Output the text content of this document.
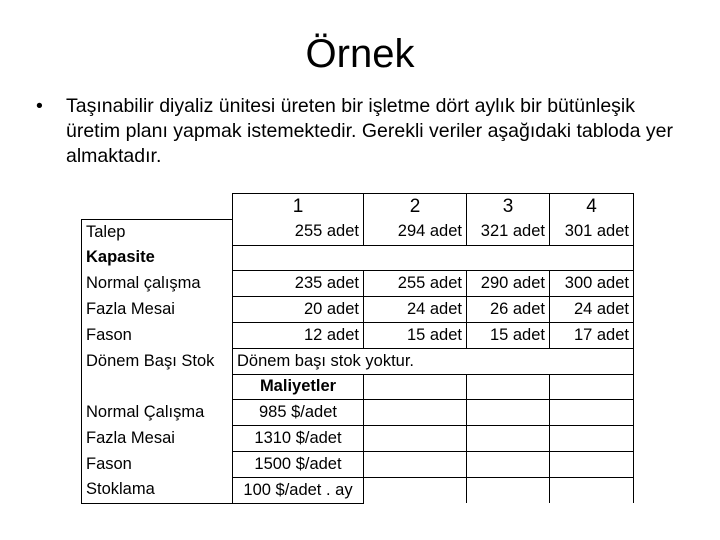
Örnek
•	Taşınabilir diyaliz ünitesi üreten bir işletme dört aylık bir bütünleşik üretim planı yapmak istemektedir. Gerekli veriler aşağıdaki tabloda yer almaktadır.
	1	2	3	4
Talep	255 adet	294 adet	321 adet	301 adet
Kapasite				
Normal çalışma	235 adet	255 adet	290 adet	300 adet
Fazla Mesai	20 adet	24 adet	26 adet	24 adet
Fason	12 adet	15 adet	15 adet	17 adet
Dönem Başı Stok	Dönem başı stok yoktur.			
	Maliyetler			
Normal Çalışma	985 $/adet			
Fazla Mesai	1310 $/adet			
Fason	1500 $/adet			
Stoklama	100 $/adet . ay			
